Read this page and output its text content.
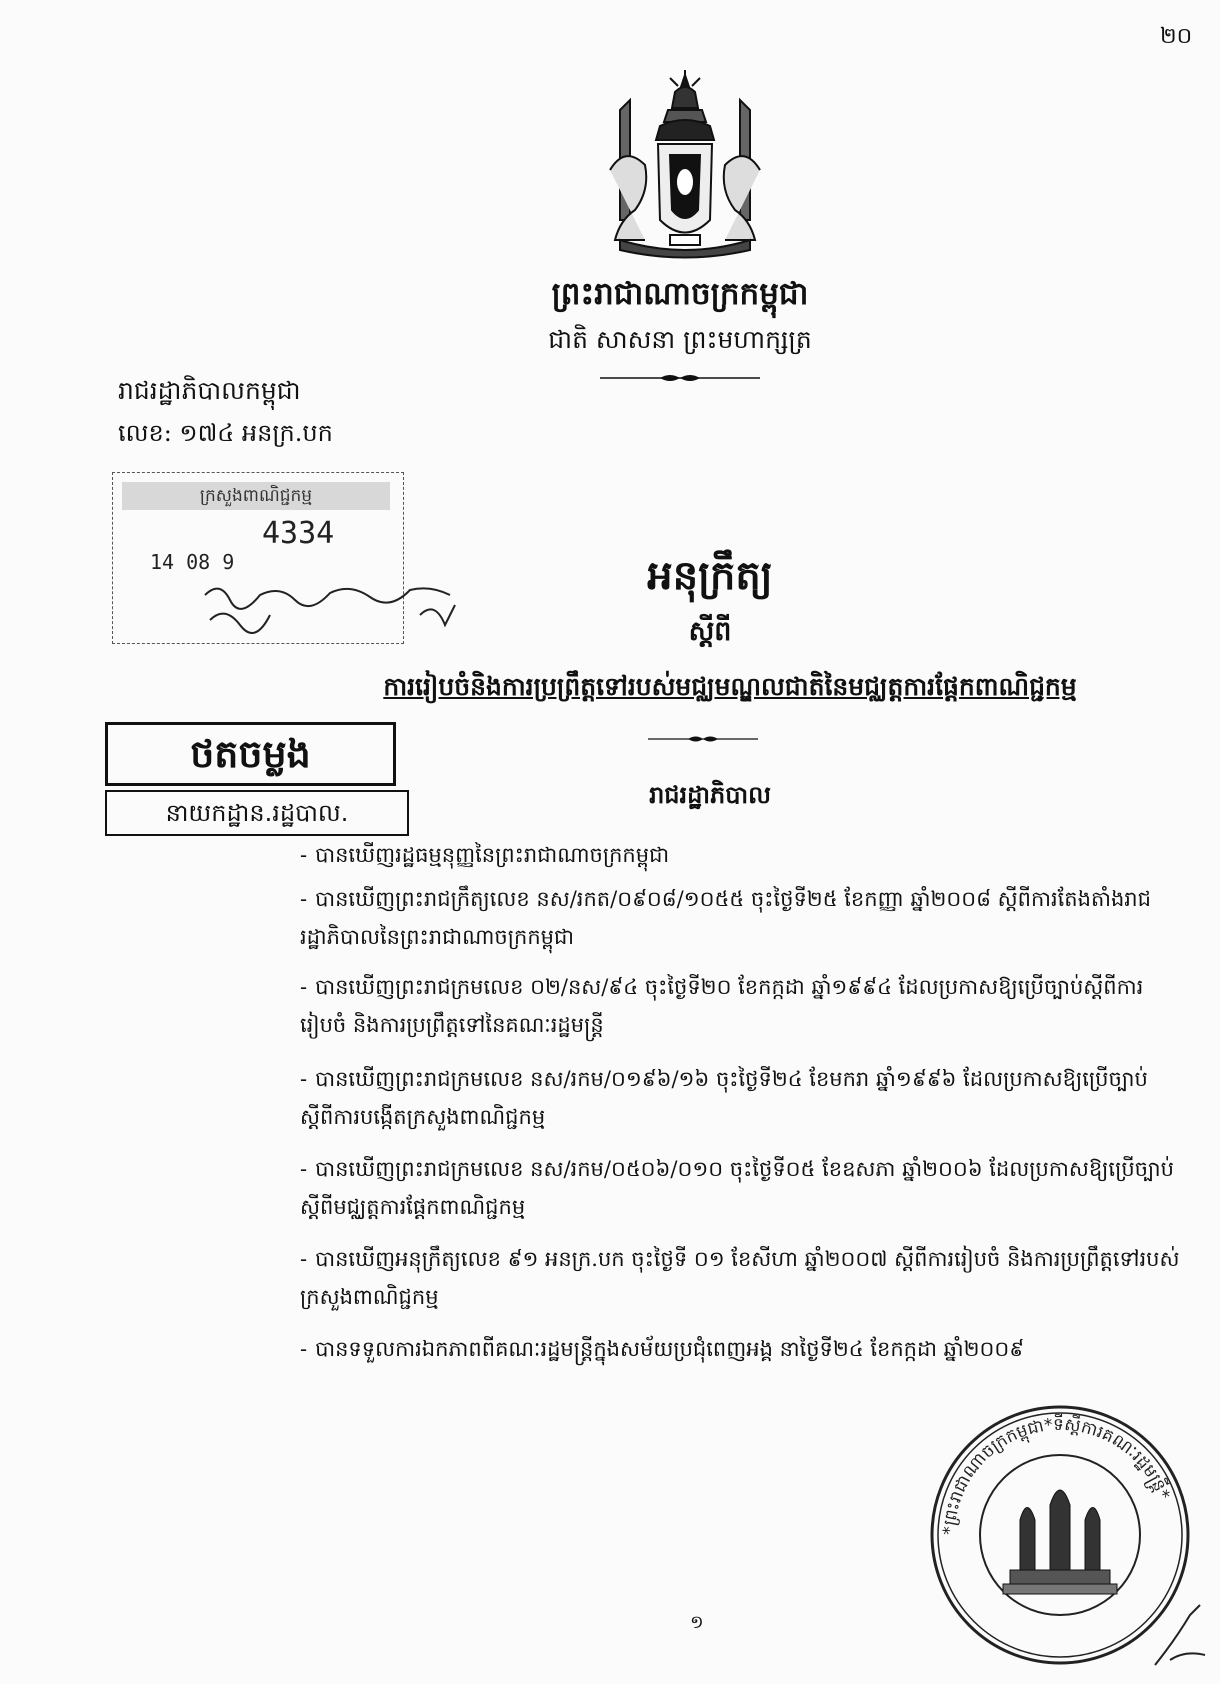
២០
ព្រះរាជាណាចក្រកម្ពុជា
ជាតិ សាសនា ព្រះមហាក្សត្រ
រាជរដ្ឋាភិបាលកម្ពុជា
លេខ: ១៧៤ អនក្រ.បក
ក្រសួងពាណិជ្ជកម្ម
4334
14 08 9	អនុក្រឹត្យ
ស្តីពី
ការរៀបចំនិងការប្រព្រឹត្តទៅរបស់មជ្ឈមណ្ឌលជាតិនៃមជ្ឈត្តការផ្តែកពាណិជ្ជកម្ម
ថតចម្លង
នាយកដ្ឋាន.រដ្ឋបាល.
រាជរដ្ឋាភិបាល
- បានឃើញរដ្ឋធម្មនុញ្ញនៃព្រះរាជាណាចក្រកម្ពុជា
- បានឃើញព្រះរាជក្រឹត្យលេខ នស/រកត/០៩០៨/១០៥៥ ចុះថ្ងៃទី២៥ ខែកញ្ញា ឆ្នាំ២០០៨ ស្តីពីការតែងតាំងរាជរដ្ឋាភិបាលនៃព្រះរាជាណាចក្រកម្ពុជា
- បានឃើញព្រះរាជក្រមលេខ ០២/នស/៩៤ ចុះថ្ងៃទី២០ ខែកក្កដា ឆ្នាំ១៩៩៤ ដែលប្រកាសឱ្យប្រើច្បាប់ស្តីពីការរៀបចំ និងការប្រព្រឹត្តទៅនៃគណៈរដ្ឋមន្ត្រី
- បានឃើញព្រះរាជក្រមលេខ នស/រកម/០១៩៦/១៦ ចុះថ្ងៃទី២៤ ខែមករា ឆ្នាំ១៩៩៦ ដែលប្រកាសឱ្យប្រើច្បាប់ស្តីពីការបង្កើតក្រសួងពាណិជ្ជកម្ម
- បានឃើញព្រះរាជក្រមលេខ នស/រកម/០៥០៦/០១០ ចុះថ្ងៃទី០៥ ខែឧសភា ឆ្នាំ២០០៦ ដែលប្រកាសឱ្យប្រើច្បាប់ស្តីពីមជ្ឈត្តការផ្តែកពាណិជ្ជកម្ម
- បានឃើញអនុក្រឹត្យលេខ ៩១ អនក្រ.បក ចុះថ្ងៃទី ០១ ខែសីហា ឆ្នាំ២០០៧ ស្តីពីការរៀបចំ និងការប្រព្រឹត្តទៅរបស់ក្រសួងពាណិជ្ជកម្ម
- បានទទួលការឯកភាពពីគណៈរដ្ឋមន្ត្រីក្នុងសម័យប្រជុំពេញអង្គ នាថ្ងៃទី២៤ ខែកក្កដា ឆ្នាំ២០០៩
*ព្រះរាជាណាចក្រកម្ពុជា*ទីស្តីការគណៈរដ្ឋមន្ត្រី*
១
